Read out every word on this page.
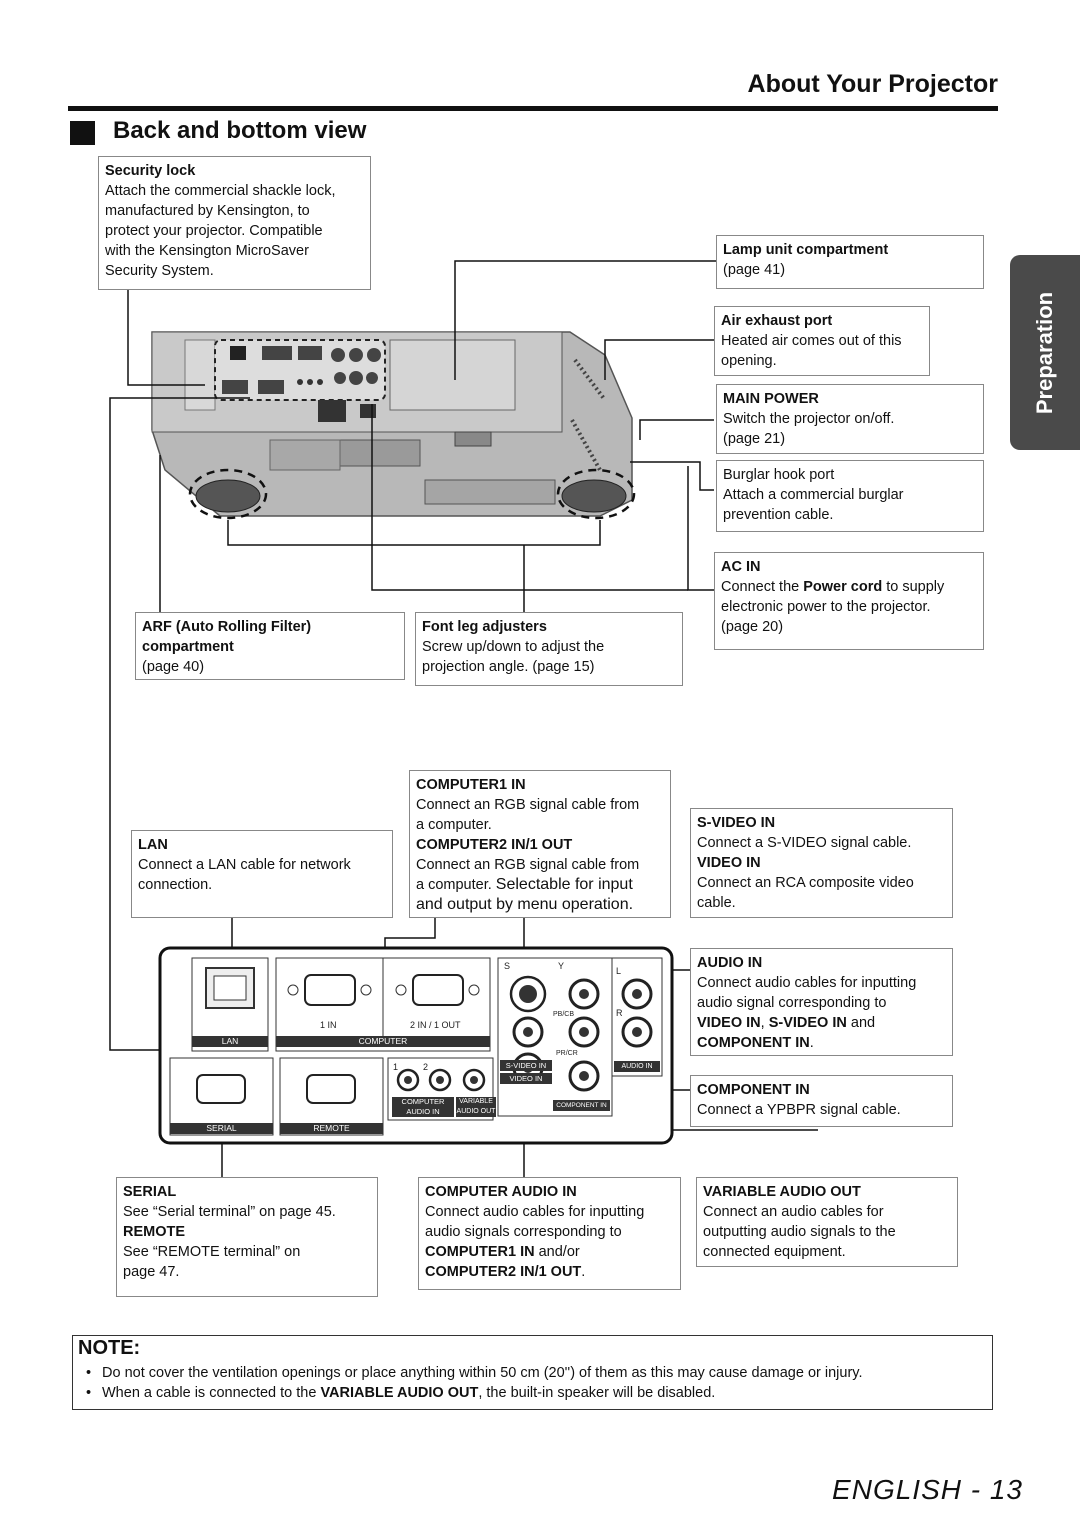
About Your Projector
Back and bottom view
Preparation
S	Y	L
R
PB/CB
PR/CR
1 IN	2 IN / 1 OUT
1	2
LAN	COMPUTER
SERIAL	REMOTE
S-VIDEO IN
VIDEO IN
AUDIO IN
COMPONENT IN
COMPUTER
AUDIO IN
VARIABLE
AUDIO OUT
Security lock
Attach the commercial shackle lock,
manufactured by Kensington, to
protect your projector. Compatible
with the Kensington MicroSaver
Security System.
Lamp unit compartment
(page 41)
Air exhaust port
Heated air comes out of this
opening.
MAIN POWER
Switch the projector on/off.
(page 21)
Burglar hook port
Attach a commercial burglar
prevention cable.
AC IN
Connect the Power cord to supply
electronic power to the projector.
(page 20)
ARF (Auto Rolling Filter)
compartment
(page 40)
Font leg adjusters
Screw up/down to adjust the
projection angle. (page 15)
COMPUTER1 IN
Connect an RGB signal cable from
a computer.
COMPUTER2 IN/1 OUT
Connect an RGB signal cable from
a computer. Selectable for input
and output by menu operation.
LAN
Connect a LAN cable for network
connection.
S-VIDEO IN
Connect a S-VIDEO signal cable.
VIDEO IN
Connect an RCA composite video
cable.
AUDIO IN
Connect audio cables for inputting
audio signal corresponding to
VIDEO IN, S-VIDEO IN and
COMPONENT IN.
COMPONENT IN
Connect a YPBPR signal cable.
SERIAL
See “Serial terminal” on page 45.
REMOTE
See “REMOTE terminal” on
page 47.
COMPUTER AUDIO IN
Connect audio cables for inputting
audio signals corresponding to
COMPUTER1 IN and/or
COMPUTER2 IN/1 OUT.
VARIABLE AUDIO OUT
Connect an audio cables for
outputting audio signals to the
connected equipment.
NOTE:
• Do not cover the ventilation openings or place anything within 50 cm (20'') of them as this may cause damage or injury.
• When a cable is connected to the VARIABLE AUDIO OUT, the built-in speaker will be disabled.
ENGLISH - 13
